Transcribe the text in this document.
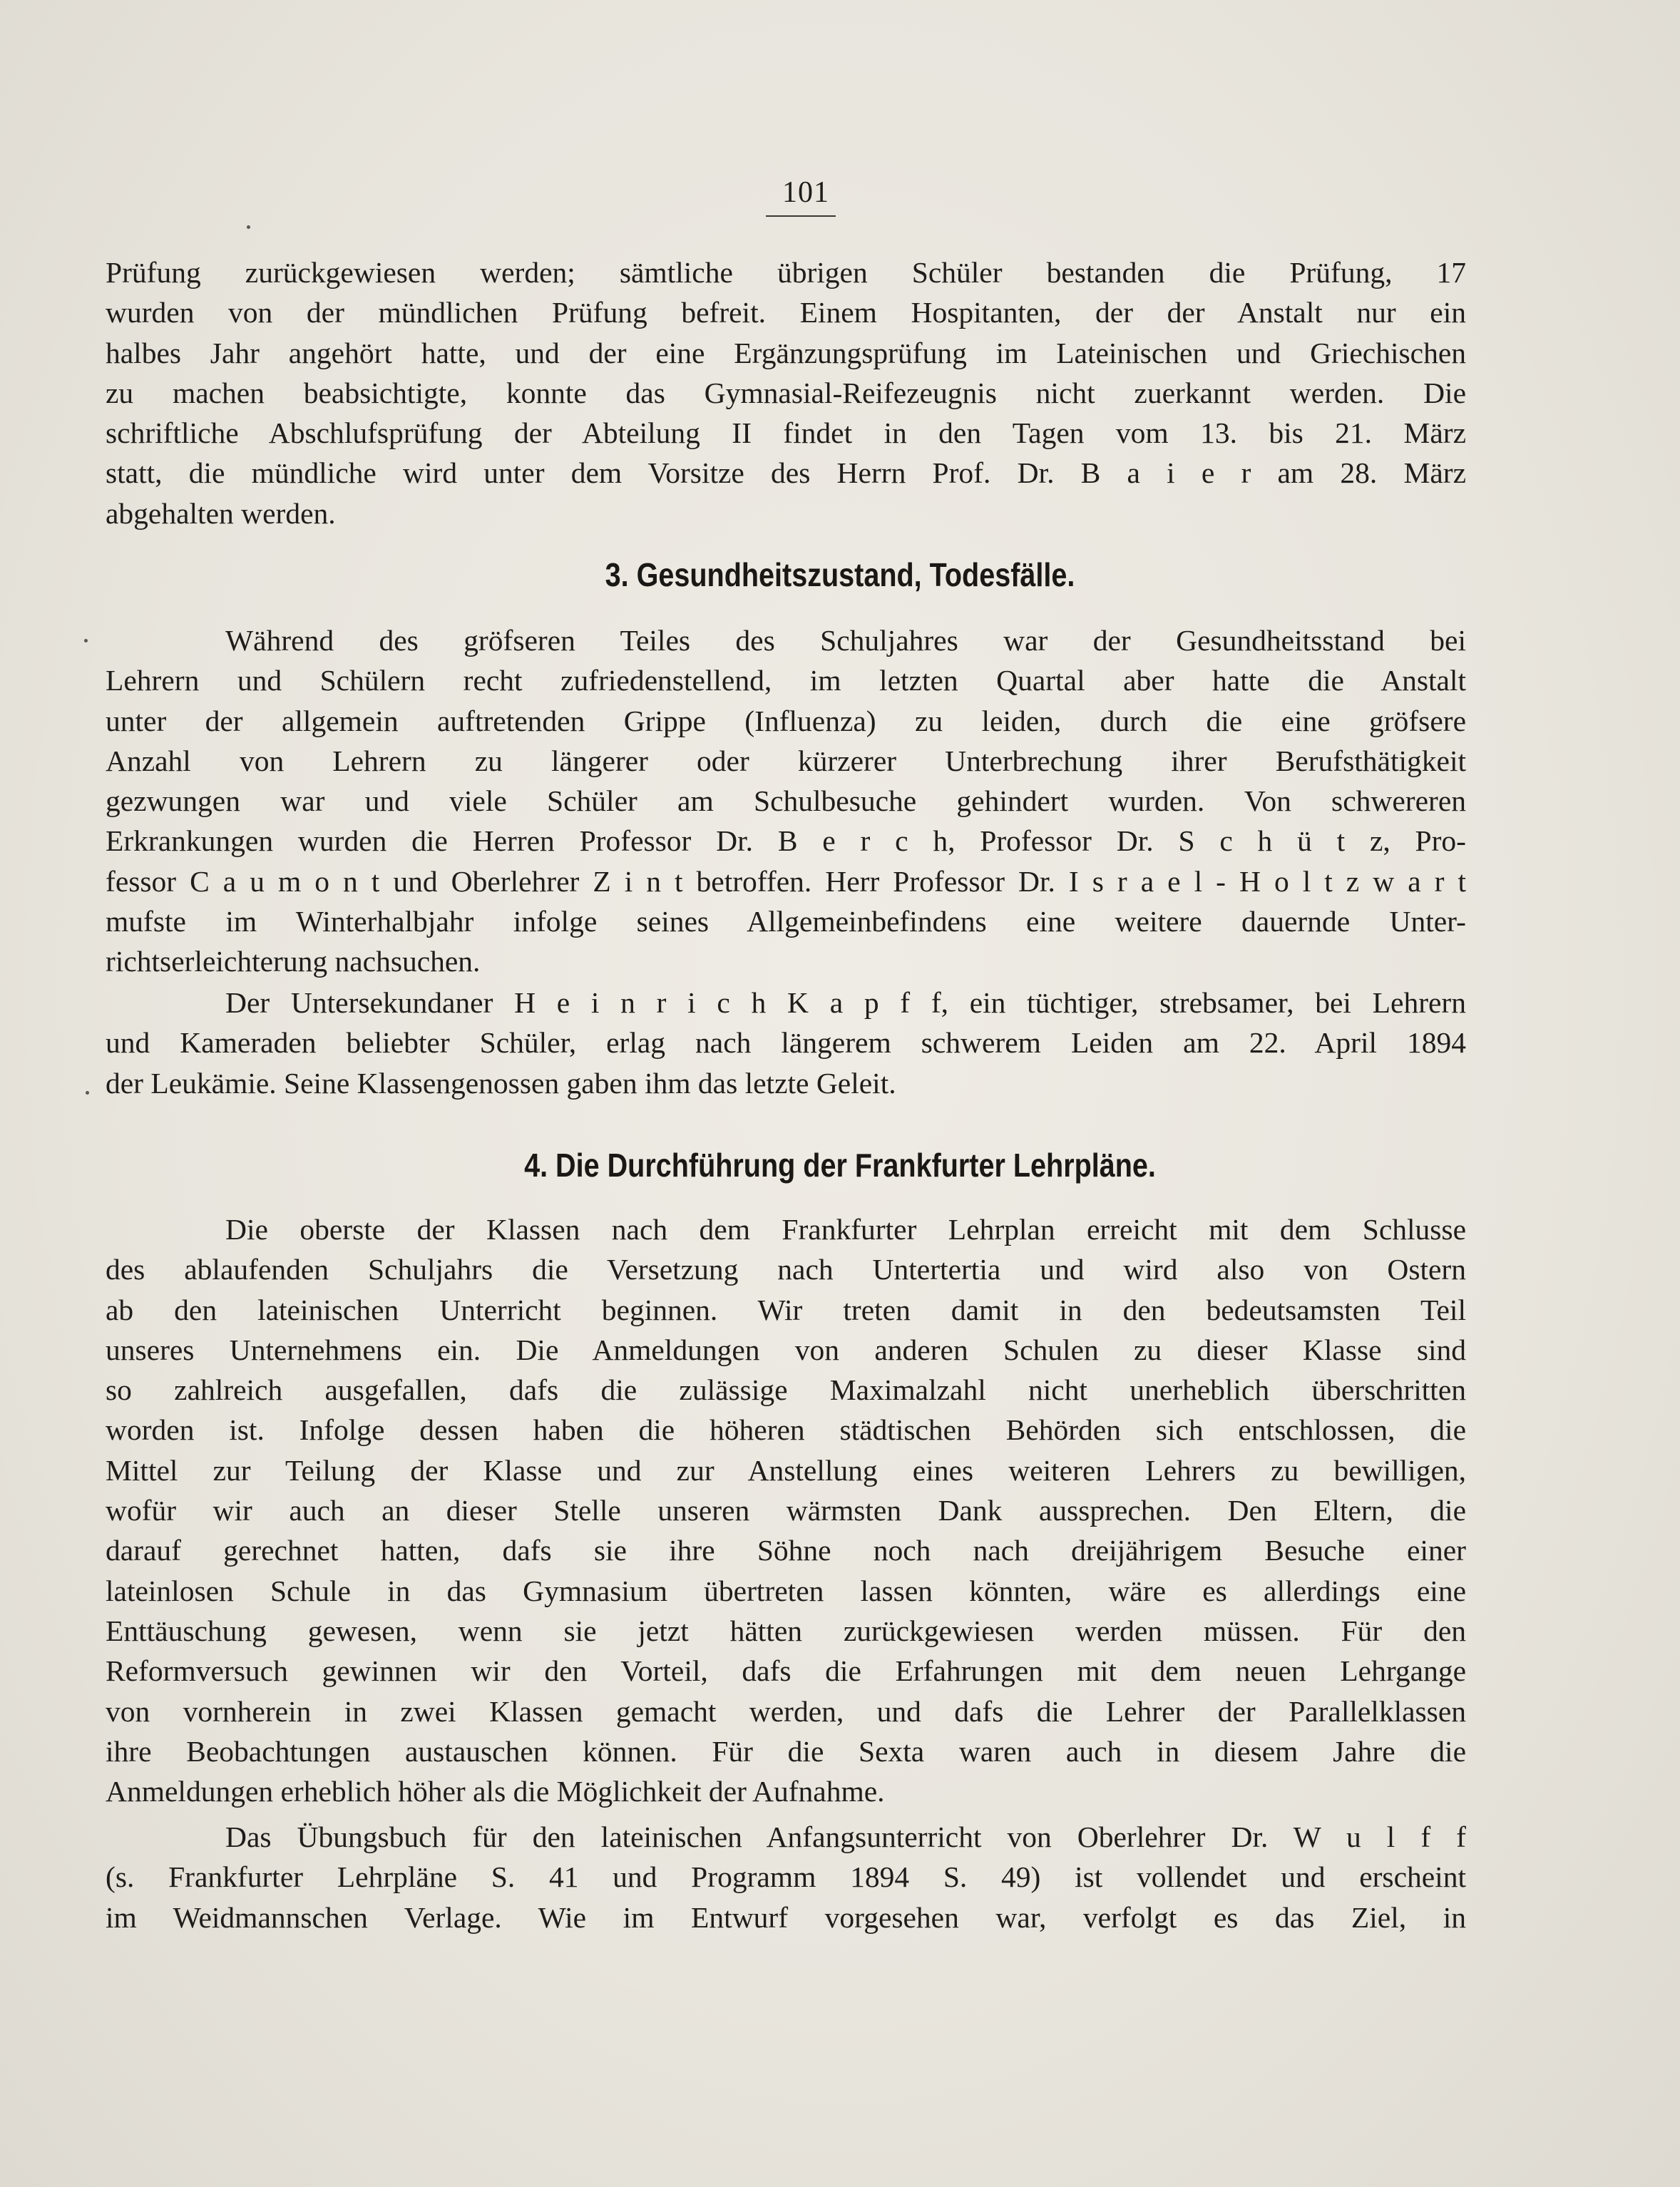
101
Prüfung zurückgewiesen werden; sämtliche übrigen Schüler bestanden die Prüfung, 17
wurden von der mündlichen Prüfung befreit. Einem Hospitanten, der der Anstalt nur ein
halbes Jahr angehört hatte, und der eine Ergänzungsprüfung im Lateinischen und Griechischen
zu machen beabsichtigte, konnte das Gymnasial-Reifezeugnis nicht zuerkannt werden. Die
schriftliche Abschlufsprüfung der Abteilung II findet in den Tagen vom 13. bis 21. März
statt, die mündliche wird unter dem Vorsitze des Herrn Prof. Dr. B a i e r am 28. März
abgehalten werden.
3. Gesundheitszustand, Todesfälle.
Während des gröfseren Teiles des Schuljahres war der Gesundheitsstand bei
Lehrern und Schülern recht zufriedenstellend, im letzten Quartal aber hatte die Anstalt
unter der allgemein auftretenden Grippe (Influenza) zu leiden, durch die eine gröfsere
Anzahl von Lehrern zu längerer oder kürzerer Unterbrechung ihrer Berufsthätigkeit
gezwungen war und viele Schüler am Schulbesuche gehindert wurden. Von schwereren
Erkrankungen wurden die Herren Professor Dr. B e r c h, Professor Dr. S c h ü t z, Pro-
fessor C a u m o n t und Oberlehrer Z i n t betroffen. Herr Professor Dr. I s r a e l - H o l t z w a r t
mufste im Winterhalbjahr infolge seines Allgemeinbefindens eine weitere dauernde Unter-
richtserleichterung nachsuchen.
Der Untersekundaner H e i n r i c h K a p f f, ein tüchtiger, strebsamer, bei Lehrern
und Kameraden beliebter Schüler, erlag nach längerem schwerem Leiden am 22. April 1894
der Leukämie. Seine Klassengenossen gaben ihm das letzte Geleit.
4. Die Durchführung der Frankfurter Lehrpläne.
Die oberste der Klassen nach dem Frankfurter Lehrplan erreicht mit dem Schlusse
des ablaufenden Schuljahrs die Versetzung nach Untertertia und wird also von Ostern
ab den lateinischen Unterricht beginnen. Wir treten damit in den bedeutsamsten Teil
unseres Unternehmens ein. Die Anmeldungen von anderen Schulen zu dieser Klasse sind
so zahlreich ausgefallen, dafs die zulässige Maximalzahl nicht unerheblich überschritten
worden ist. Infolge dessen haben die höheren städtischen Behörden sich entschlossen, die
Mittel zur Teilung der Klasse und zur Anstellung eines weiteren Lehrers zu bewilligen,
wofür wir auch an dieser Stelle unseren wärmsten Dank aussprechen. Den Eltern, die
darauf gerechnet hatten, dafs sie ihre Söhne noch nach dreijährigem Besuche einer
lateinlosen Schule in das Gymnasium übertreten lassen könnten, wäre es allerdings eine
Enttäuschung gewesen, wenn sie jetzt hätten zurückgewiesen werden müssen. Für den
Reformversuch gewinnen wir den Vorteil, dafs die Erfahrungen mit dem neuen Lehrgange
von vornherein in zwei Klassen gemacht werden, und dafs die Lehrer der Parallelklassen
ihre Beobachtungen austauschen können. Für die Sexta waren auch in diesem Jahre die
Anmeldungen erheblich höher als die Möglichkeit der Aufnahme.
Das Übungsbuch für den lateinischen Anfangsunterricht von Oberlehrer Dr. W u l f f
(s. Frankfurter Lehrpläne S. 41 und Programm 1894 S. 49) ist vollendet und erscheint
im Weidmannschen Verlage. Wie im Entwurf vorgesehen war, verfolgt es das Ziel, in
